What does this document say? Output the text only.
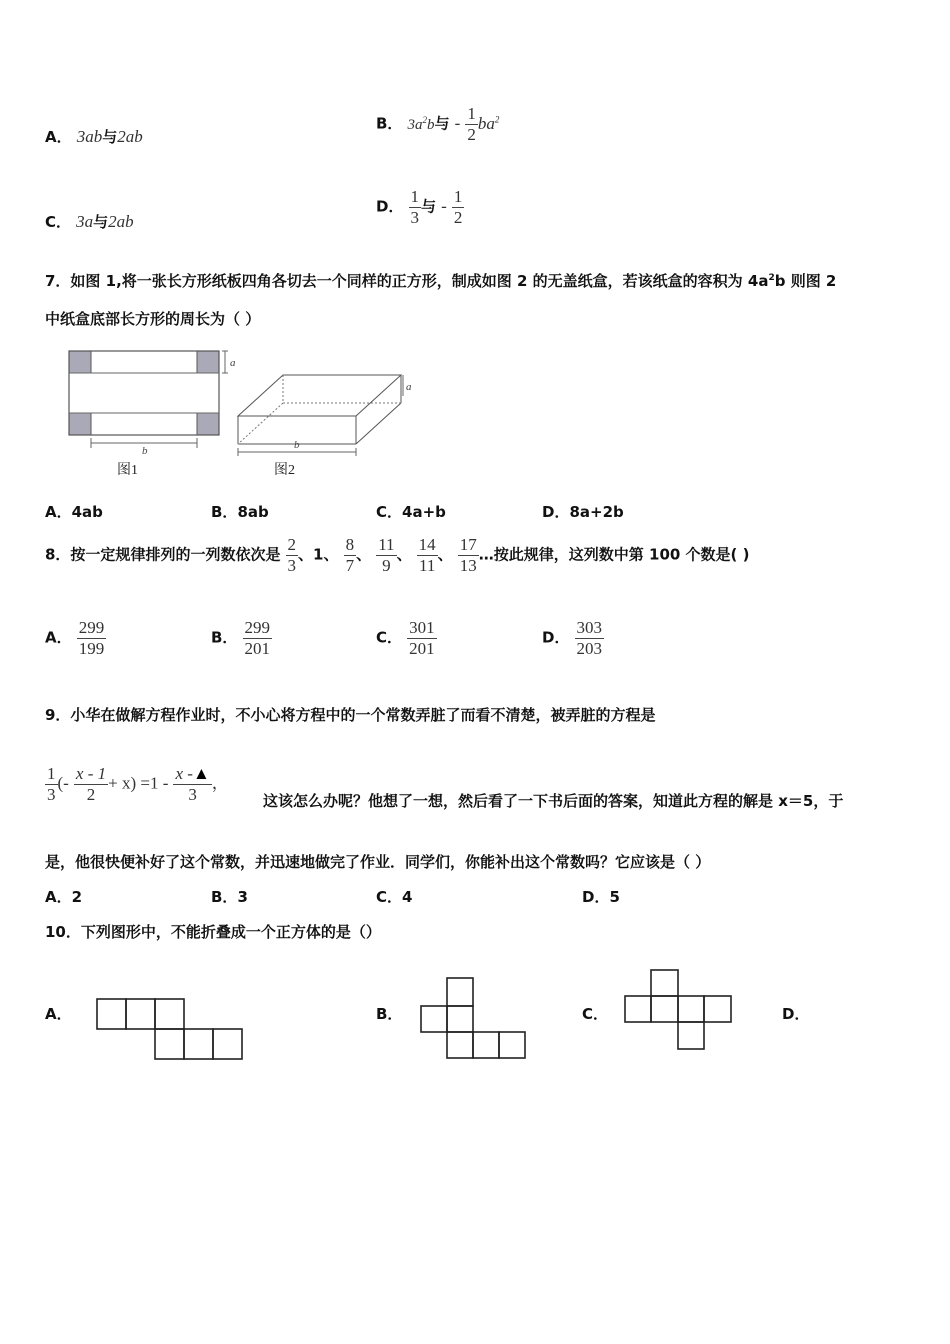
A． 3ab与2ab
B． $3a^2b$与 - $\frac{1}{2} ba^2$
C． 3a与2ab
D． $\frac{1}{3}$ 与 - $\frac{1}{2}$
7．如图 1,将一张长方形纸板四角各切去一个同样的正方形，制成如图 2 的无盖纸盒，若该纸盒的容积为 $4a^2b$ 则图 2
中纸盒底部长方形的周长为（ ）
a
b
图1
a
b
图2
A．4ab	B．8ab	C．4a+b	D．8a+2b
8．按一定规律排列的一列数依次是 $\frac{2}{3}$ 、1、 $\frac{8}{7}$ 、 $\frac{11}{9}$ 、 $\frac{14}{11}$ 、 $\frac{17}{13}$ …按此规律，这列数中第 100 个数是( )
A． $\frac{299}{199}$	B． $\frac{299}{201}$	C． $\frac{301}{201}$	D． $\frac{303}{203}$
9．小华在做解方程作业时，不小心将方程中的一个常数弄脏了而看不清楚，被弄脏的方程是
$\frac{1}{3}$ (- $\frac{x - 1}{2} + x) =1 - \frac{x -▲}{3}$ ，
这该怎么办呢？他想了一想，然后看了一下书后面的答案，知道此方程的解是 x＝5，于
是，他很快便补好了这个常数，并迅速地做完了作业．同学们，你能补出这个常数吗？它应该是（ ）
A．2	B．3	C．4	D．5
10．下列图形中，不能折叠成一个正方体的是（）
A．	B．	C．	D．
